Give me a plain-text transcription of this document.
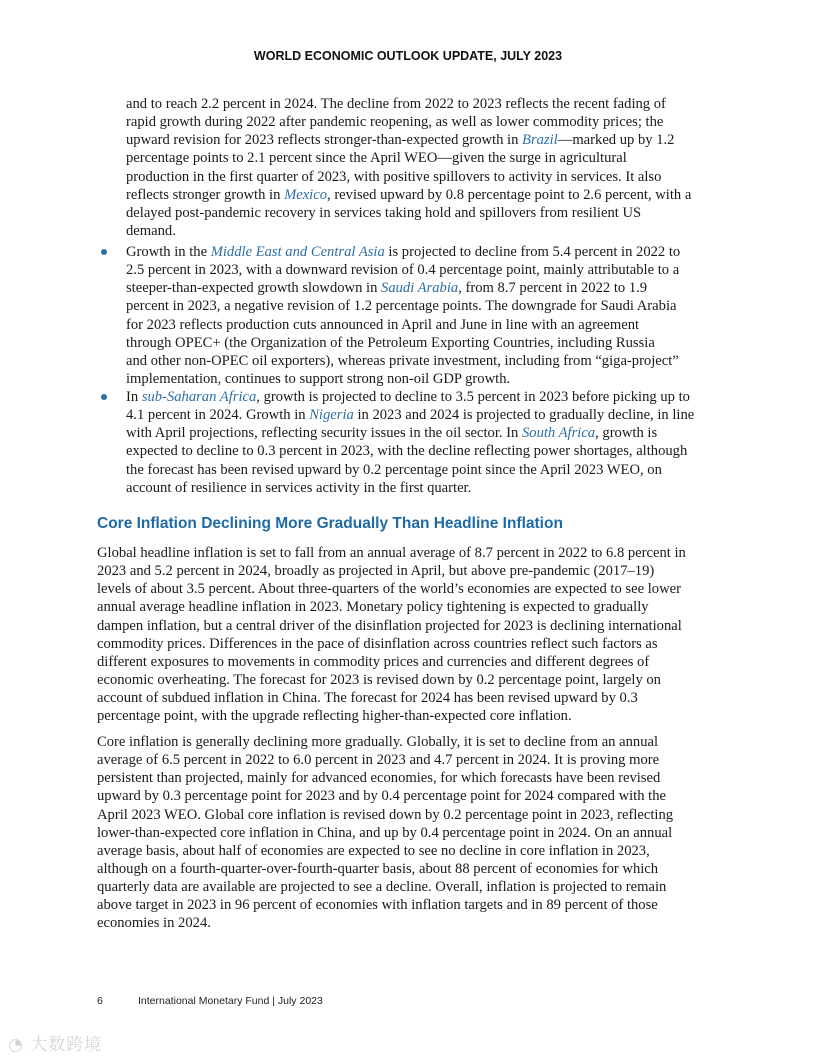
WORLD ECONOMIC OUTLOOK UPDATE, JULY 2023
and to reach 2.2 percent in 2024. The decline from 2022 to 2023 reflects the recent fading of
rapid growth during 2022 after pandemic reopening, as well as lower commodity prices; the
upward revision for 2023 reflects stronger-than-expected growth in Brazil—marked up by 1.2
percentage points to 2.1 percent since the April WEO—given the surge in agricultural
production in the first quarter of 2023, with positive spillovers to activity in services. It also
reflects stronger growth in Mexico, revised upward by 0.8 percentage point to 2.6 percent, with a
delayed post-pandemic recovery in services taking hold and spillovers from resilient US
demand.
Growth in the Middle East and Central Asia is projected to decline from 5.4 percent in 2022 to
2.5 percent in 2023, with a downward revision of 0.4 percentage point, mainly attributable to a
steeper-than-expected growth slowdown in Saudi Arabia, from 8.7 percent in 2022 to 1.9
percent in 2023, a negative revision of 1.2 percentage points. The downgrade for Saudi Arabia
for 2023 reflects production cuts announced in April and June in line with an agreement
through OPEC+ (the Organization of the Petroleum Exporting Countries, including Russia
and other non-OPEC oil exporters), whereas private investment, including from “giga-project”
implementation, continues to support strong non-oil GDP growth.
In sub-Saharan Africa, growth is projected to decline to 3.5 percent in 2023 before picking up to
4.1 percent in 2024. Growth in Nigeria in 2023 and 2024 is projected to gradually decline, in line
with April projections, reflecting security issues in the oil sector. In South Africa, growth is
expected to decline to 0.3 percent in 2023, with the decline reflecting power shortages, although
the forecast has been revised upward by 0.2 percentage point since the April 2023 WEO, on
account of resilience in services activity in the first quarter.
Core Inflation Declining More Gradually Than Headline Inflation
Global headline inflation is set to fall from an annual average of 8.7 percent in 2022 to 6.8 percent in
2023 and 5.2 percent in 2024, broadly as projected in April, but above pre-pandemic (2017–19)
levels of about 3.5 percent. About three-quarters of the world’s economies are expected to see lower
annual average headline inflation in 2023. Monetary policy tightening is expected to gradually
dampen inflation, but a central driver of the disinflation projected for 2023 is declining international
commodity prices. Differences in the pace of disinflation across countries reflect such factors as
different exposures to movements in commodity prices and currencies and different degrees of
economic overheating. The forecast for 2023 is revised down by 0.2 percentage point, largely on
account of subdued inflation in China. The forecast for 2024 has been revised upward by 0.3
percentage point, with the upgrade reflecting higher-than-expected core inflation.
Core inflation is generally declining more gradually. Globally, it is set to decline from an annual
average of 6.5 percent in 2022 to 6.0 percent in 2023 and 4.7 percent in 2024. It is proving more
persistent than projected, mainly for advanced economies, for which forecasts have been revised
upward by 0.3 percentage point for 2023 and by 0.4 percentage point for 2024 compared with the
April 2023 WEO. Global core inflation is revised down by 0.2 percentage point in 2023, reflecting
lower-than-expected core inflation in China, and up by 0.4 percentage point in 2024. On an annual
average basis, about half of economies are expected to see no decline in core inflation in 2023,
although on a fourth-quarter-over-fourth-quarter basis, about 88 percent of economies for which
quarterly data are available are projected to see a decline. Overall, inflation is projected to remain
above target in 2023 in 96 percent of economies with inflation targets and in 89 percent of those
economies in 2024.
6	International Monetary Fund | July 2023
◔ 大数跨境
